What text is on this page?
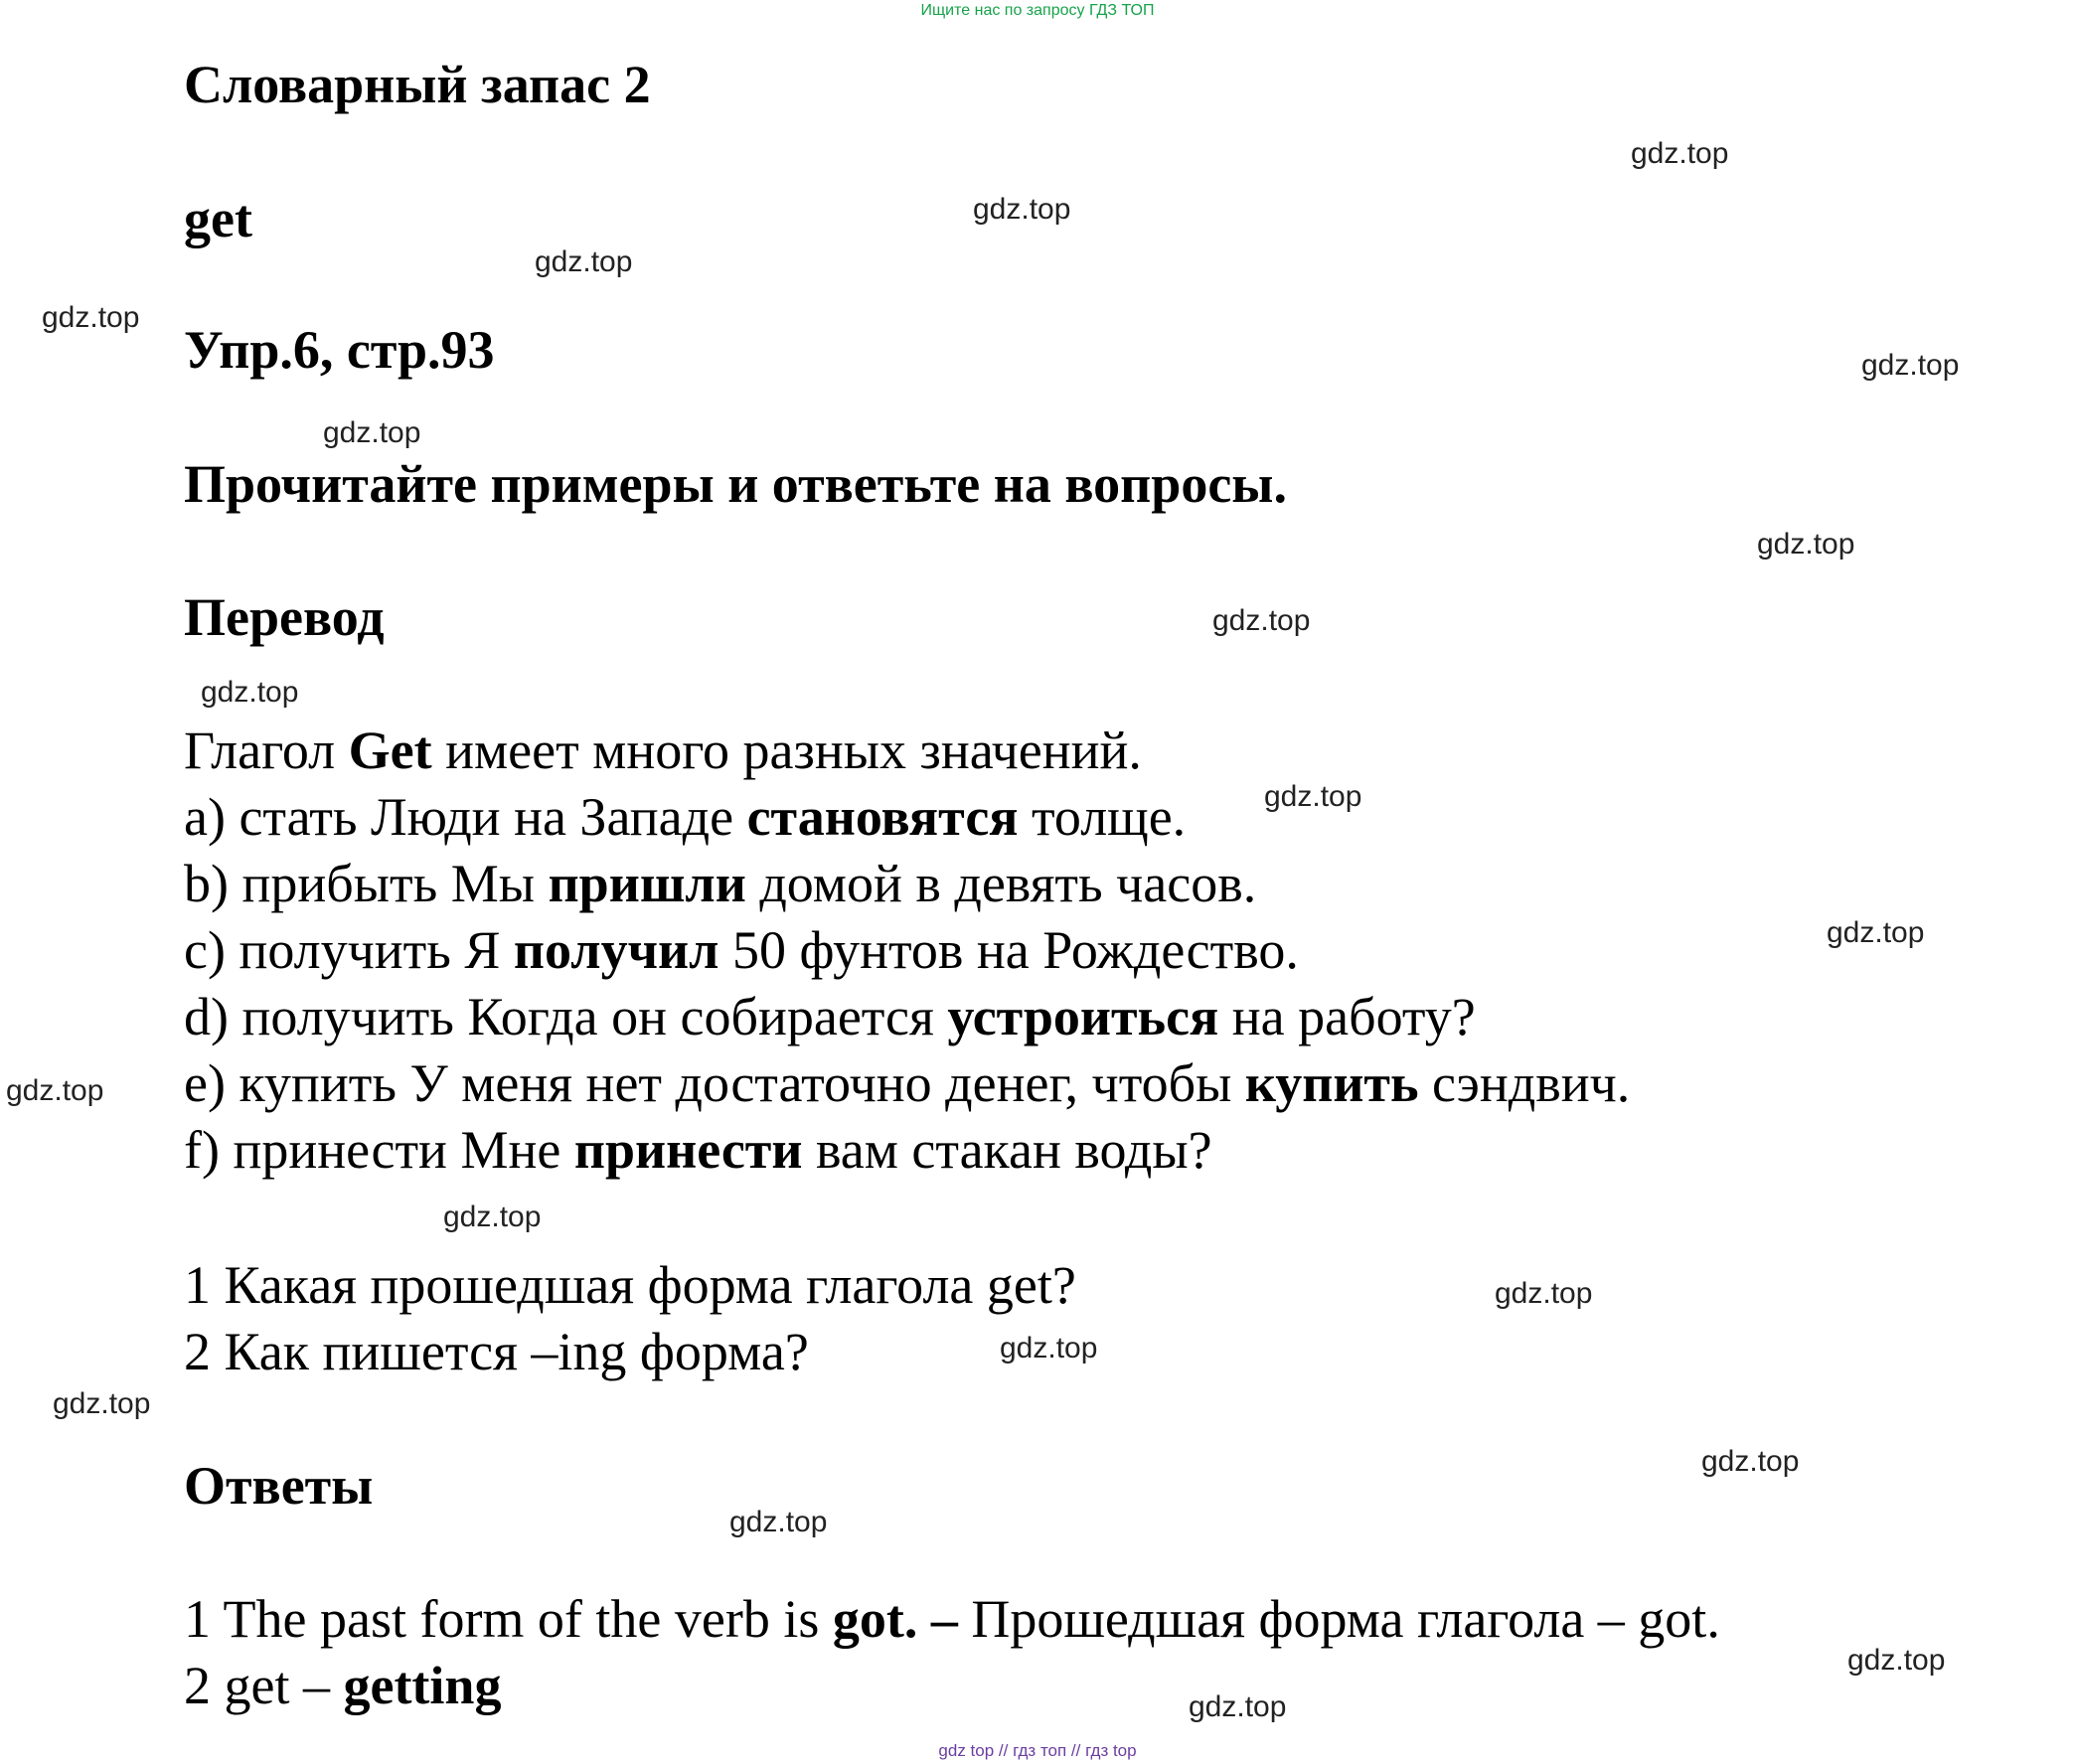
Ищите нас по запросу ГДЗ ТОП
Словарный запас 2
get
Упр.6, стр.93
Прочитайте примеры и ответьте на вопросы.
Перевод
Глагол Get имеет много разных значений.
a) стать Люди на Западе становятся толще.
b) прибыть Мы пришли домой в девять часов.
c) получить Я получил 50 фунтов на Рождество.
d) получить Когда он собирается устроиться на работу?
e) купить У меня нет достаточно денег, чтобы купить сэндвич.
f) принести Мне принести вам стакан воды?
1 Какая прошедшая форма глагола get?
2 Как пишется –ing форма?
Ответы
1 The past form of the verb is got. – Прошедшая форма глагола – got.
2 get – getting
gdz.top
gdz.top
gdz.top
gdz.top
gdz.top
gdz.top
gdz.top
gdz.top
gdz.top
gdz.top
gdz.top
gdz.top
gdz.top
gdz.top
gdz.top
gdz.top
gdz.top
gdz.top
gdz.top
gdz.top
gdz top // гдз топ // гдз top
